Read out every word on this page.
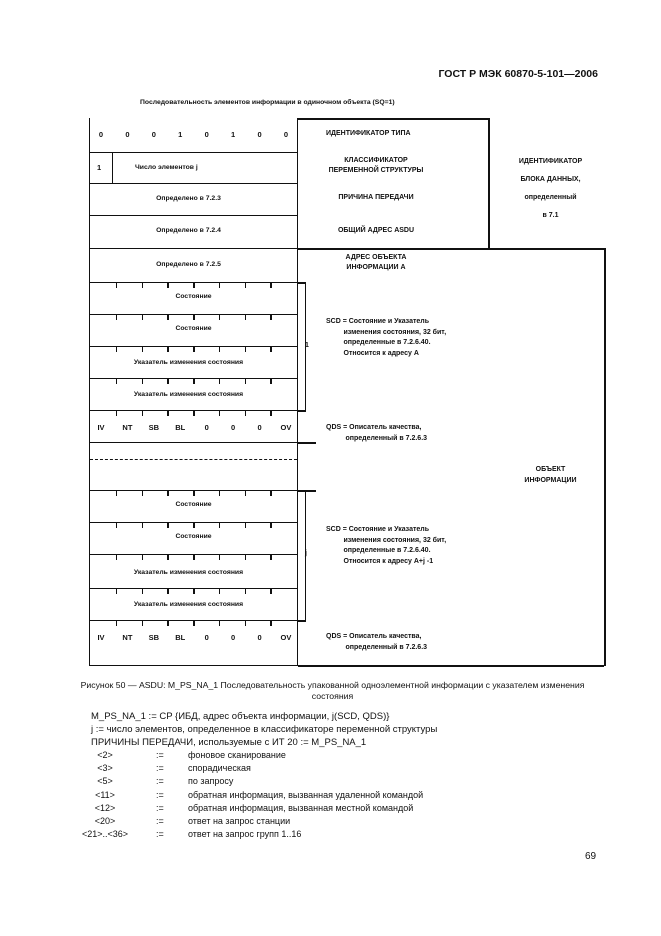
ГОСТ Р МЭК 60870-5-101—2006
Последовательность элементов информации в одиночном объекта (SQ=1)
0	0	0	1	0	1	0	0
1	Число элементов j
Определено в 7.2.3
Определено в 7.2.4
Определено в 7.2.5
Состояние
Состояние
Указатель изменения состояния
Указатель изменения состояния
IV	NT SB BL	0	0	0	OV
Состояние
Состояние
Указатель изменения состояния
Указатель изменения состояния
IV	NT SB BL	0	0	0	OV
ИДЕНТИФИКАТОР ТИПА
КЛАССИФИКАТОР
ПЕРЕМЕННОЙ СТРУКТУРЫ
ПРИЧИНА ПЕРЕДАЧИ
ОБЩИЙ АДРЕС ASDU
ИДЕНТИФИКАТОР
БЛОКА ДАННЫХ,
определенный
в 7.1
АДРЕС ОБЪЕКТА
ИНФОРМАЦИИ А
SCD = Состояние и Указатель
изменения состояния, 32 бит,
определенные в 7.2.6.40.
Относится к адресу А
1
QDS = Описатель качества,
определенный в 7.2.6.3
ОБЪЕКТ
ИНФОРМАЦИИ
SCD = Состояние и Указатель
изменения состояния, 32 бит,
определенные в 7.2.6.40.
Относится к адресу A+j -1
j
QDS = Описатель качества,
определенный в 7.2.6.3
Рисунок 50 — ASDU: M_PS_NA_1 Последовательность упакованной одноэлементной информации с указателем изменения состояния
M_PS_NA_1 := CP {ИБД, адрес объекта информации, j(SCD, QDS)}
j := число элементов, определенное в классификаторе переменной структуры
ПРИЧИНЫ ПЕРЕДАЧИ, используемые с ИТ 20 := M_PS_NA_1
<2>	:=	фоновое сканирование
<3>	:=	спорадическая
<5>	:=	по запросу
<11>	:=	обратная информация, вызванная удаленной командой
<12>	:=	обратная информация, вызванная местной командой
<20>	:=	ответ на запрос станции
<21>..<36>	:=	ответ на запрос групп 1..16
69
